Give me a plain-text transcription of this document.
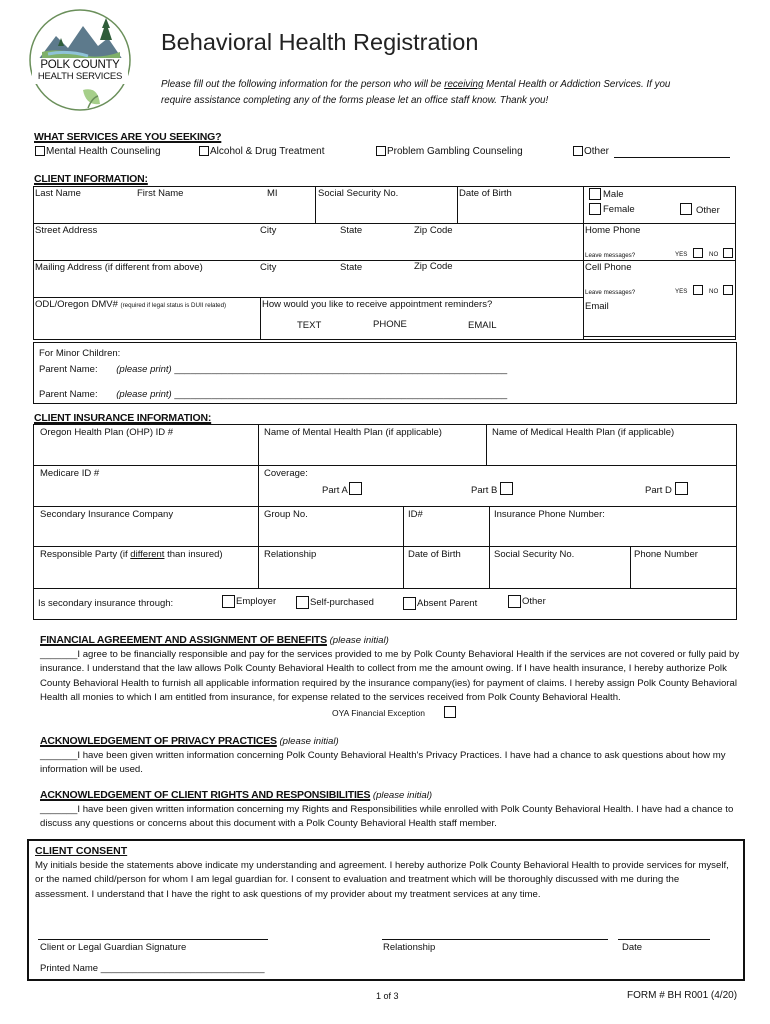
POLK COUNTY
HEALTH SERVICES
Behavioral Health Registration
Please fill out the following information for the person who will be receiving Mental Health or Addiction Services. If you
require assistance completing any of the forms please let an office staff know. Thank you!
WHAT SERVICES ARE YOU SEEKING?
Mental Health Counseling	Alcohol & Drug Treatment	Problem Gambling Counseling	Other
CLIENT INFORMATION:
Last Name	First Name	MI	Social Security No.	Date of Birth	Male
Female	Other
Street Address	City	State	Zip Code	Home Phone
Leave messages?	YES	NO
Mailing Address (if different from above)	City	State	Zip Code	Cell Phone
Leave messages?	YES	NO
ODL/Oregon DMV# (required if legal status is DUII related)	How would you like to receive appointment reminders?
TEXT	PHONE	EMAIL
Email
For Minor Children:
Parent Name: (please print) _______________________________________________________________
Parent Name: (please print) _______________________________________________________________
CLIENT INSURANCE INFORMATION:
Oregon Health Plan (OHP) ID #	Name of Mental Health Plan (if applicable)	Name of Medical Health Plan (if applicable)
Medicare ID #	Coverage:
Part A	Part B	Part D
Secondary Insurance Company	Group No.	ID#	Insurance Phone Number:
Responsible Party (if different than insured)	Relationship	Date of Birth	Social Security No.	Phone Number
Is secondary insurance through:	Employer	Self-purchased	Absent Parent	Other
FINANCIAL AGREEMENT AND ASSIGNMENT OF BENEFITS (please initial)
_______I agree to be financially responsible and pay for the services provided to me by Polk County Behavioral Health if the services are not covered or fully paid by insurance. I understand that the law allows Polk County Behavioral Health to collect from me the amount owing. If I have health insurance, I hereby authorize Polk County Behavioral Health to furnish all applicable information required by the insurance company(ies) for payment of claims. I hereby assign Polk County Behavioral Health all monies to which I am entitled from insurance, for expense related to the services received from Polk County Behavioral Health.
OYA Financial Exception
ACKNOWLEDGEMENT OF PRIVACY PRACTICES (please initial)
_______I have been given written information concerning Polk County Behavioral Health's Privacy Practices. I have had a chance to ask questions about how my information will be used.
ACKNOWLEDGEMENT OF CLIENT RIGHTS AND RESPONSIBILITIES (please initial)
_______I have been given written information concerning my Rights and Responsibilities while enrolled with Polk County Behavioral Health. I have had a chance to discuss any questions or concerns about this document with a Polk County Behavioral Health staff member.
CLIENT CONSENT
My initials beside the statements above indicate my understanding and agreement. I hereby authorize Polk County Behavioral Health to provide services for myself, or the named child/person for whom I am legal guardian for. I consent to evaluation and treatment which will be thoroughly discussed with me during the assessment. I understand that I have the right to ask questions of my provider about my treatment services at any time.
Client or Legal Guardian Signature	Relationship	Date
Printed Name _______________________________
1 of 3	FORM # BH R001 (4/20)
